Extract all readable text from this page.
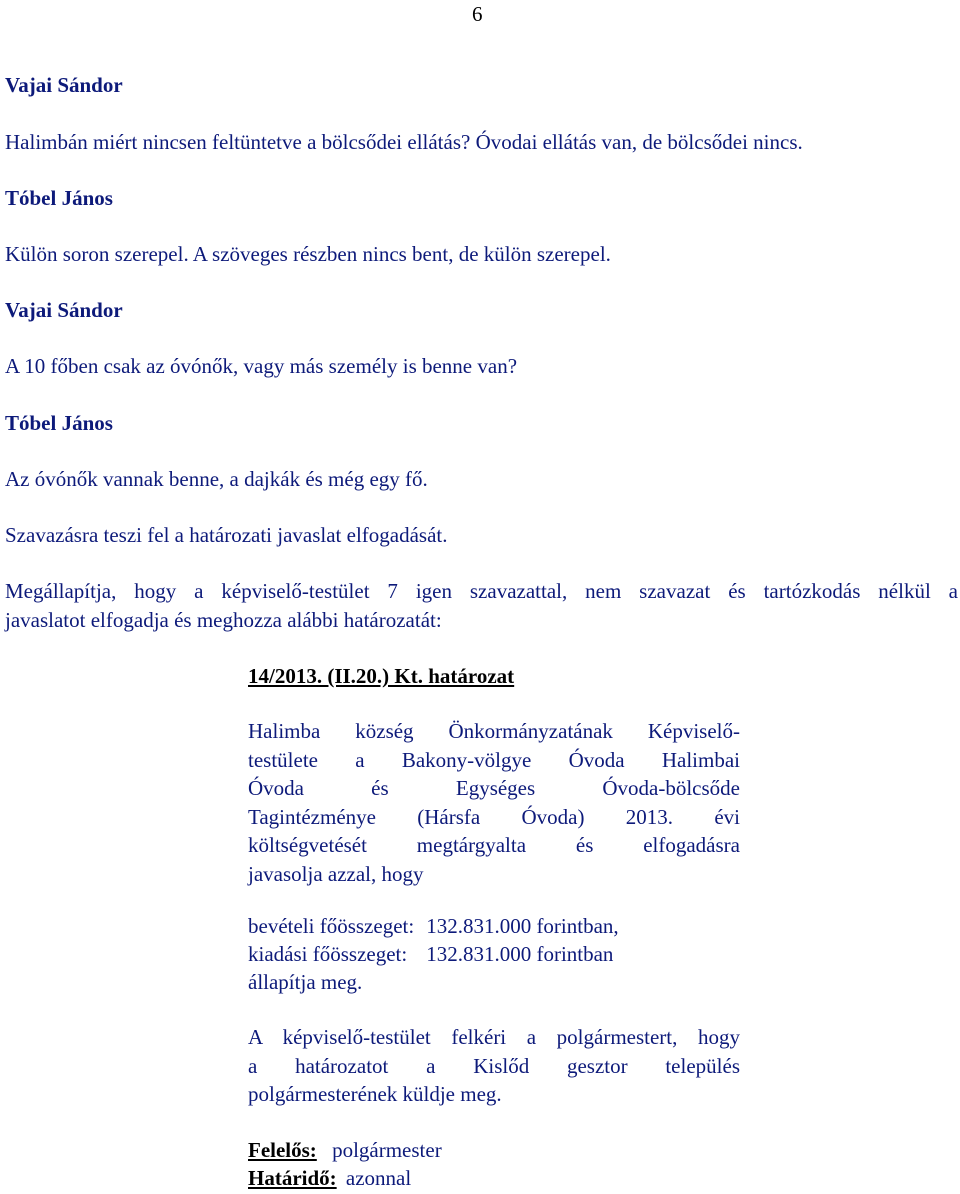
6
Vajai Sándor
Halimbán miért nincsen feltüntetve a bölcsődei ellátás? Óvodai ellátás van, de bölcsődei nincs.
Tóbel János
Külön soron szerepel. A szöveges részben nincs bent, de külön szerepel.
Vajai Sándor
A 10 főben csak az óvónők, vagy más személy is benne van?
Tóbel János
Az óvónők vannak benne, a dajkák és még egy fő.
Szavazásra teszi fel a határozati javaslat elfogadását.
Megállapítja, hogy a képviselő-testület 7 igen szavazattal, nem szavazat és tartózkodás nélkül a
javaslatot elfogadja és meghozza alábbi határozatát:
14/2013. (II.20.) Kt. határozat
Halimba község Önkormányzatának Képviselő-
testülete a Bakony-völgye Óvoda Halimbai
Óvoda és Egységes Óvoda-bölcsőde
Tagintézménye (Hársfa Óvoda) 2013. évi
költségvetését megtárgyalta és elfogadásra
javasolja azzal, hogy
bevételi főösszeget: 132.831.000 forintban,
kiadási főösszeget: 132.831.000 forintban
állapítja meg.
A képviselő-testület felkéri a polgármestert, hogy
a határozatot a Kislőd gesztor település
polgármesterének küldje meg.
Felelős: polgármester
Határidő: azonnal
